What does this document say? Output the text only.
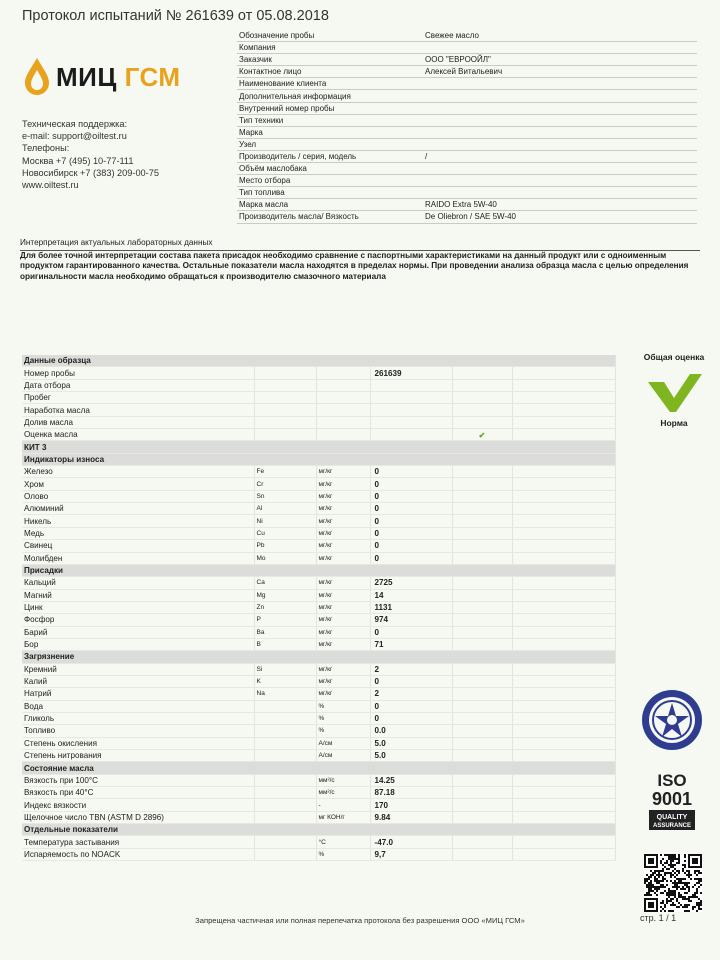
Протокол испытаний № 261639 от 05.08.2018
МИЦ ГСМ
Техническая поддержка:
e-mail: support@oiltest.ru
Телефоны:
Москва +7 (495) 10-77-111
Новосибирск +7 (383) 209-00-75
www.oiltest.ru
Обозначение пробы	Свежее масло
Компания	
Заказчик	ООО "ЕВРООЙЛ"
Контактное лицо	Алексей Витальевич
Наименование клиента	
Дополнительная информация	
Внутренний номер пробы	
Тип техники	
Марка	
Узел	
Производитель / серия, модель	/
Объём маслобака	
Место отбора	
Тип топлива	
Марка масла	RAIDO Extra 5W-40
Производитель масла/ Вязкость	De Oliebron / SAE 5W-40
Интерпретация актуальных лабораторных данных
Для более точной интерпретации состава пакета присадок необходимо сравнение с паспортными характеристиками на данный продукт или с одноименным продуктом гарантированного качества. Остальные показатели масла находятся в пределах нормы. При проведении анализа образца масла с целью определения оригинальности масла необходимо обращаться к производителю смазочного материала
Данные образца					
Номер пробы			261639		
Дата отбора					
Пробег					
Наработка масла					
Долив масла					
Оценка масла				✔	
КИТ 3					
Индикаторы износа					
Железо	Fe	мг/кг	0		
Хром	Cr	мг/кг	0		
Олово	Sn	мг/кг	0		
Алюминий	Al	мг/кг	0		
Никель	Ni	мг/кг	0		
Медь	Cu	мг/кг	0		
Свинец	Pb	мг/кг	0		
Молибден	Mo	мг/кг	0		
Присадки					
Кальций	Ca	мг/кг	2725		
Магний	Mg	мг/кг	14		
Цинк	Zn	мг/кг	1131		
Фосфор	P	мг/кг	974		
Барий	Ba	мг/кг	0		
Бор	B	мг/кг	71		
Загрязнение					
Кремний	Si	мг/кг	2		
Калий	K	мг/кг	0		
Натрий	Na	мг/кг	2		
Вода		%	0		
Гликоль		%	0		
Топливо		%	0.0		
Степень окисления		A/см	5.0		
Степень нитрования		A/см	5.0		
Состояние масла					
Вязкость при 100°C		мм²/с	14.25		
Вязкость при 40°C		мм²/с	87.18		
Индекс вязкости		-	170		
Щелочное число TBN (ASTM D 2896)		мг КОН/г	9.84		
Отдельные показатели					
Температура застывания		°C	-47.0		
Испаряемость по NOACK		%	9,7		
Общая оценка
Норма
ISO
9001
QUALITY
ASSURANCE
Запрещена частичная или полная перепечатка протокола без разрешения ООО «МИЦ ГСМ»	стр. 1 / 1
